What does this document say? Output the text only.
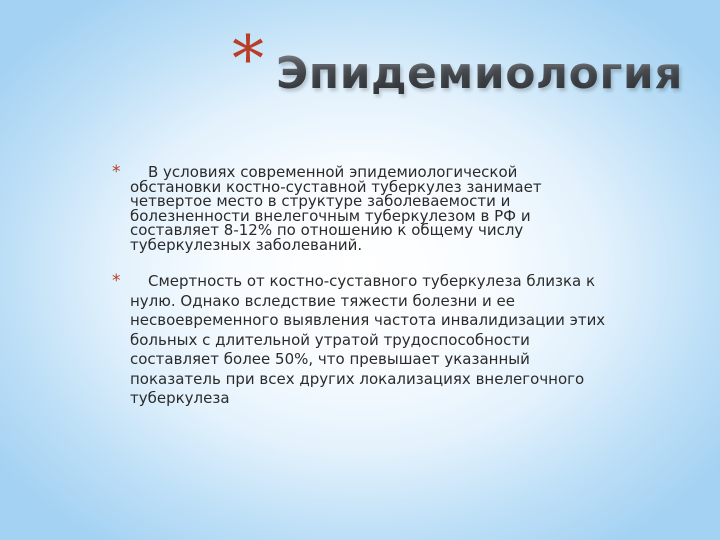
* Эпидемиология
*	В условиях современной эпидемиологической обстановки костно-суставной туберкулез занимает четвертое место в структуре заболеваемости и болезненности внелегочным туберкулезом в РФ и составляет 8-12% по отношению к общему числу туберкулезных заболеваний.
*	Смертность от костно-суставного туберкулеза близка к нулю. Однако вследствие тяжести болезни и ее несвоевременного выявления частота инвалидизации этих больных с длительной утратой трудоспособности составляет более 50%, что превышает указанный показатель при всех других локализациях внелегочного туберкулеза
